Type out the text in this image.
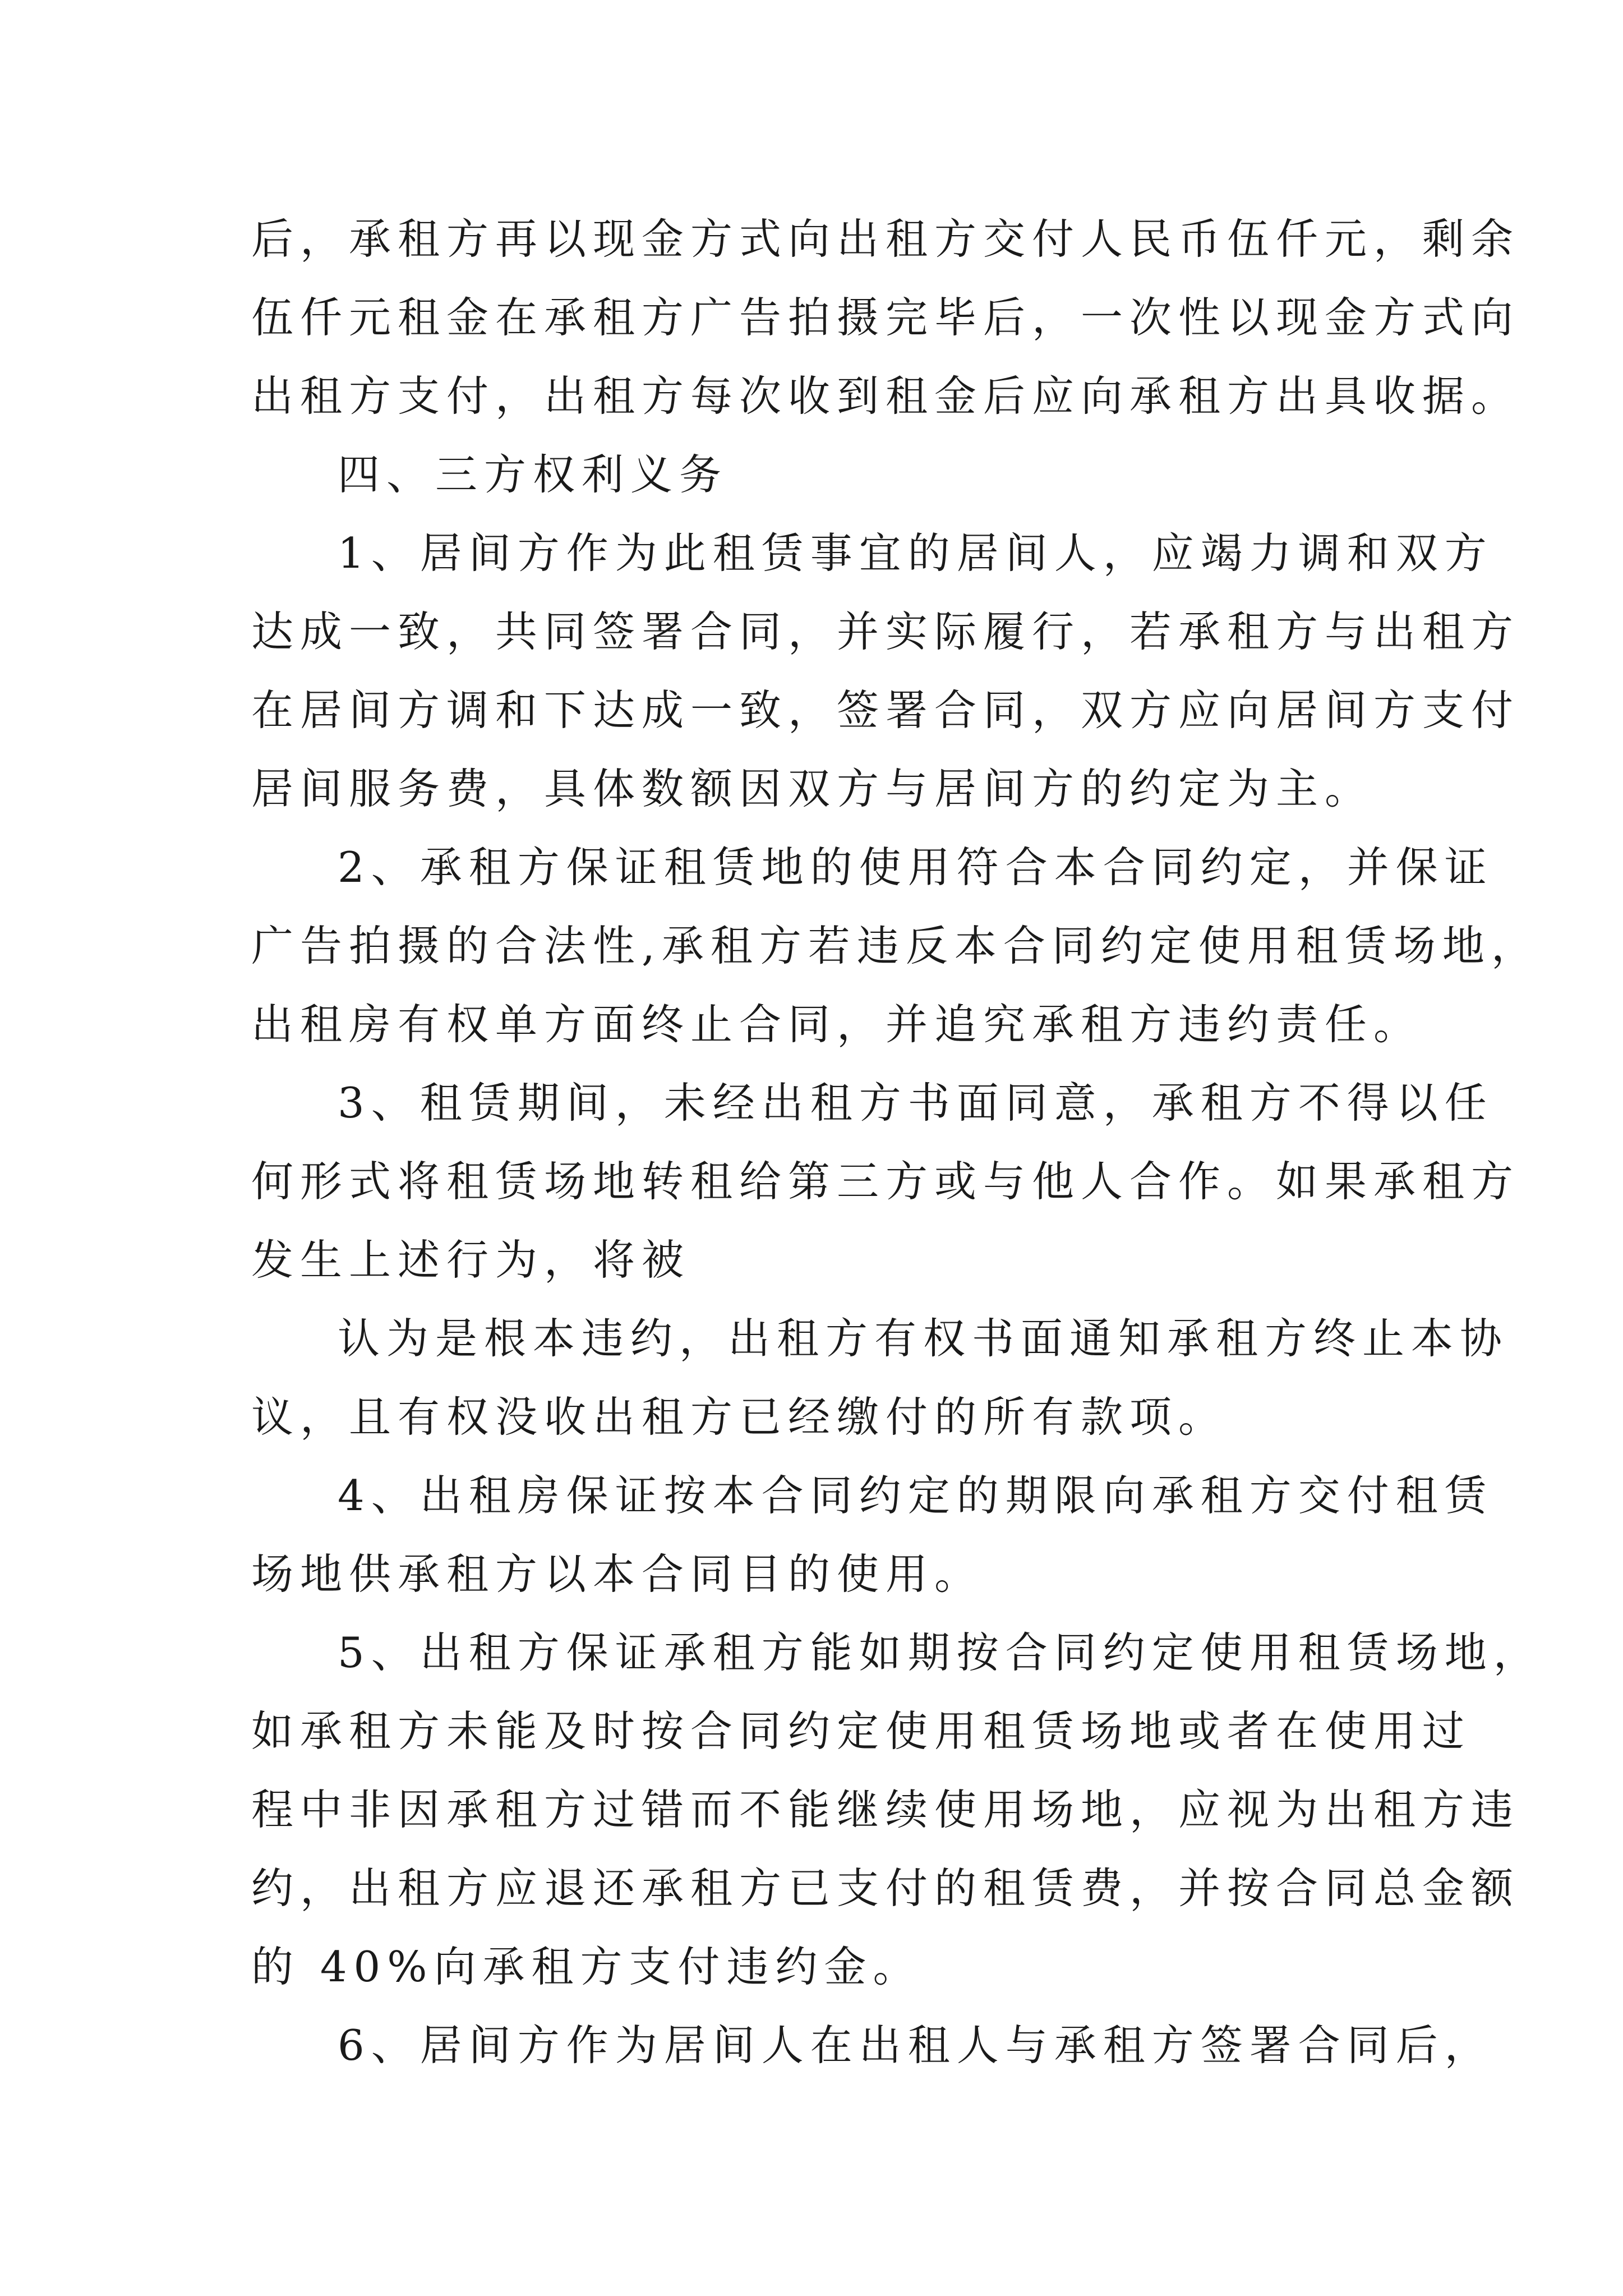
后，承租方再以现金方式向出租方交付人民币伍仟元，剩余
伍仟元租金在承租方广告拍摄完毕后，一次性以现金方式向
出租方支付，出租方每次收到租金后应向承租方出具收据。
四、三方权利义务
1、居间方作为此租赁事宜的居间人，应竭力调和双方
达成一致，共同签署合同，并实际履行，若承租方与出租方
在居间方调和下达成一致，签署合同，双方应向居间方支付
居间服务费，具体数额因双方与居间方的约定为主。
2、承租方保证租赁地的使用符合本合同约定，并保证
广告拍摄的合法性,承租方若违反本合同约定使用租赁场地，
出租房有权单方面终止合同，并追究承租方违约责任。
3、租赁期间，未经出租方书面同意，承租方不得以任
何形式将租赁场地转租给第三方或与他人合作。如果承租方
发生上述行为，将被
认为是根本违约，出租方有权书面通知承租方终止本协
议，且有权没收出租方已经缴付的所有款项。
4、出租房保证按本合同约定的期限向承租方交付租赁
场地供承租方以本合同目的使用。
5、出租方保证承租方能如期按合同约定使用租赁场地，
如承租方未能及时按合同约定使用租赁场地或者在使用过
程中非因承租方过错而不能继续使用场地，应视为出租方违
约，出租方应退还承租方已支付的租赁费，并按合同总金额
的 40%向承租方支付违约金。
6、居间方作为居间人在出租人与承租方签署合同后，
